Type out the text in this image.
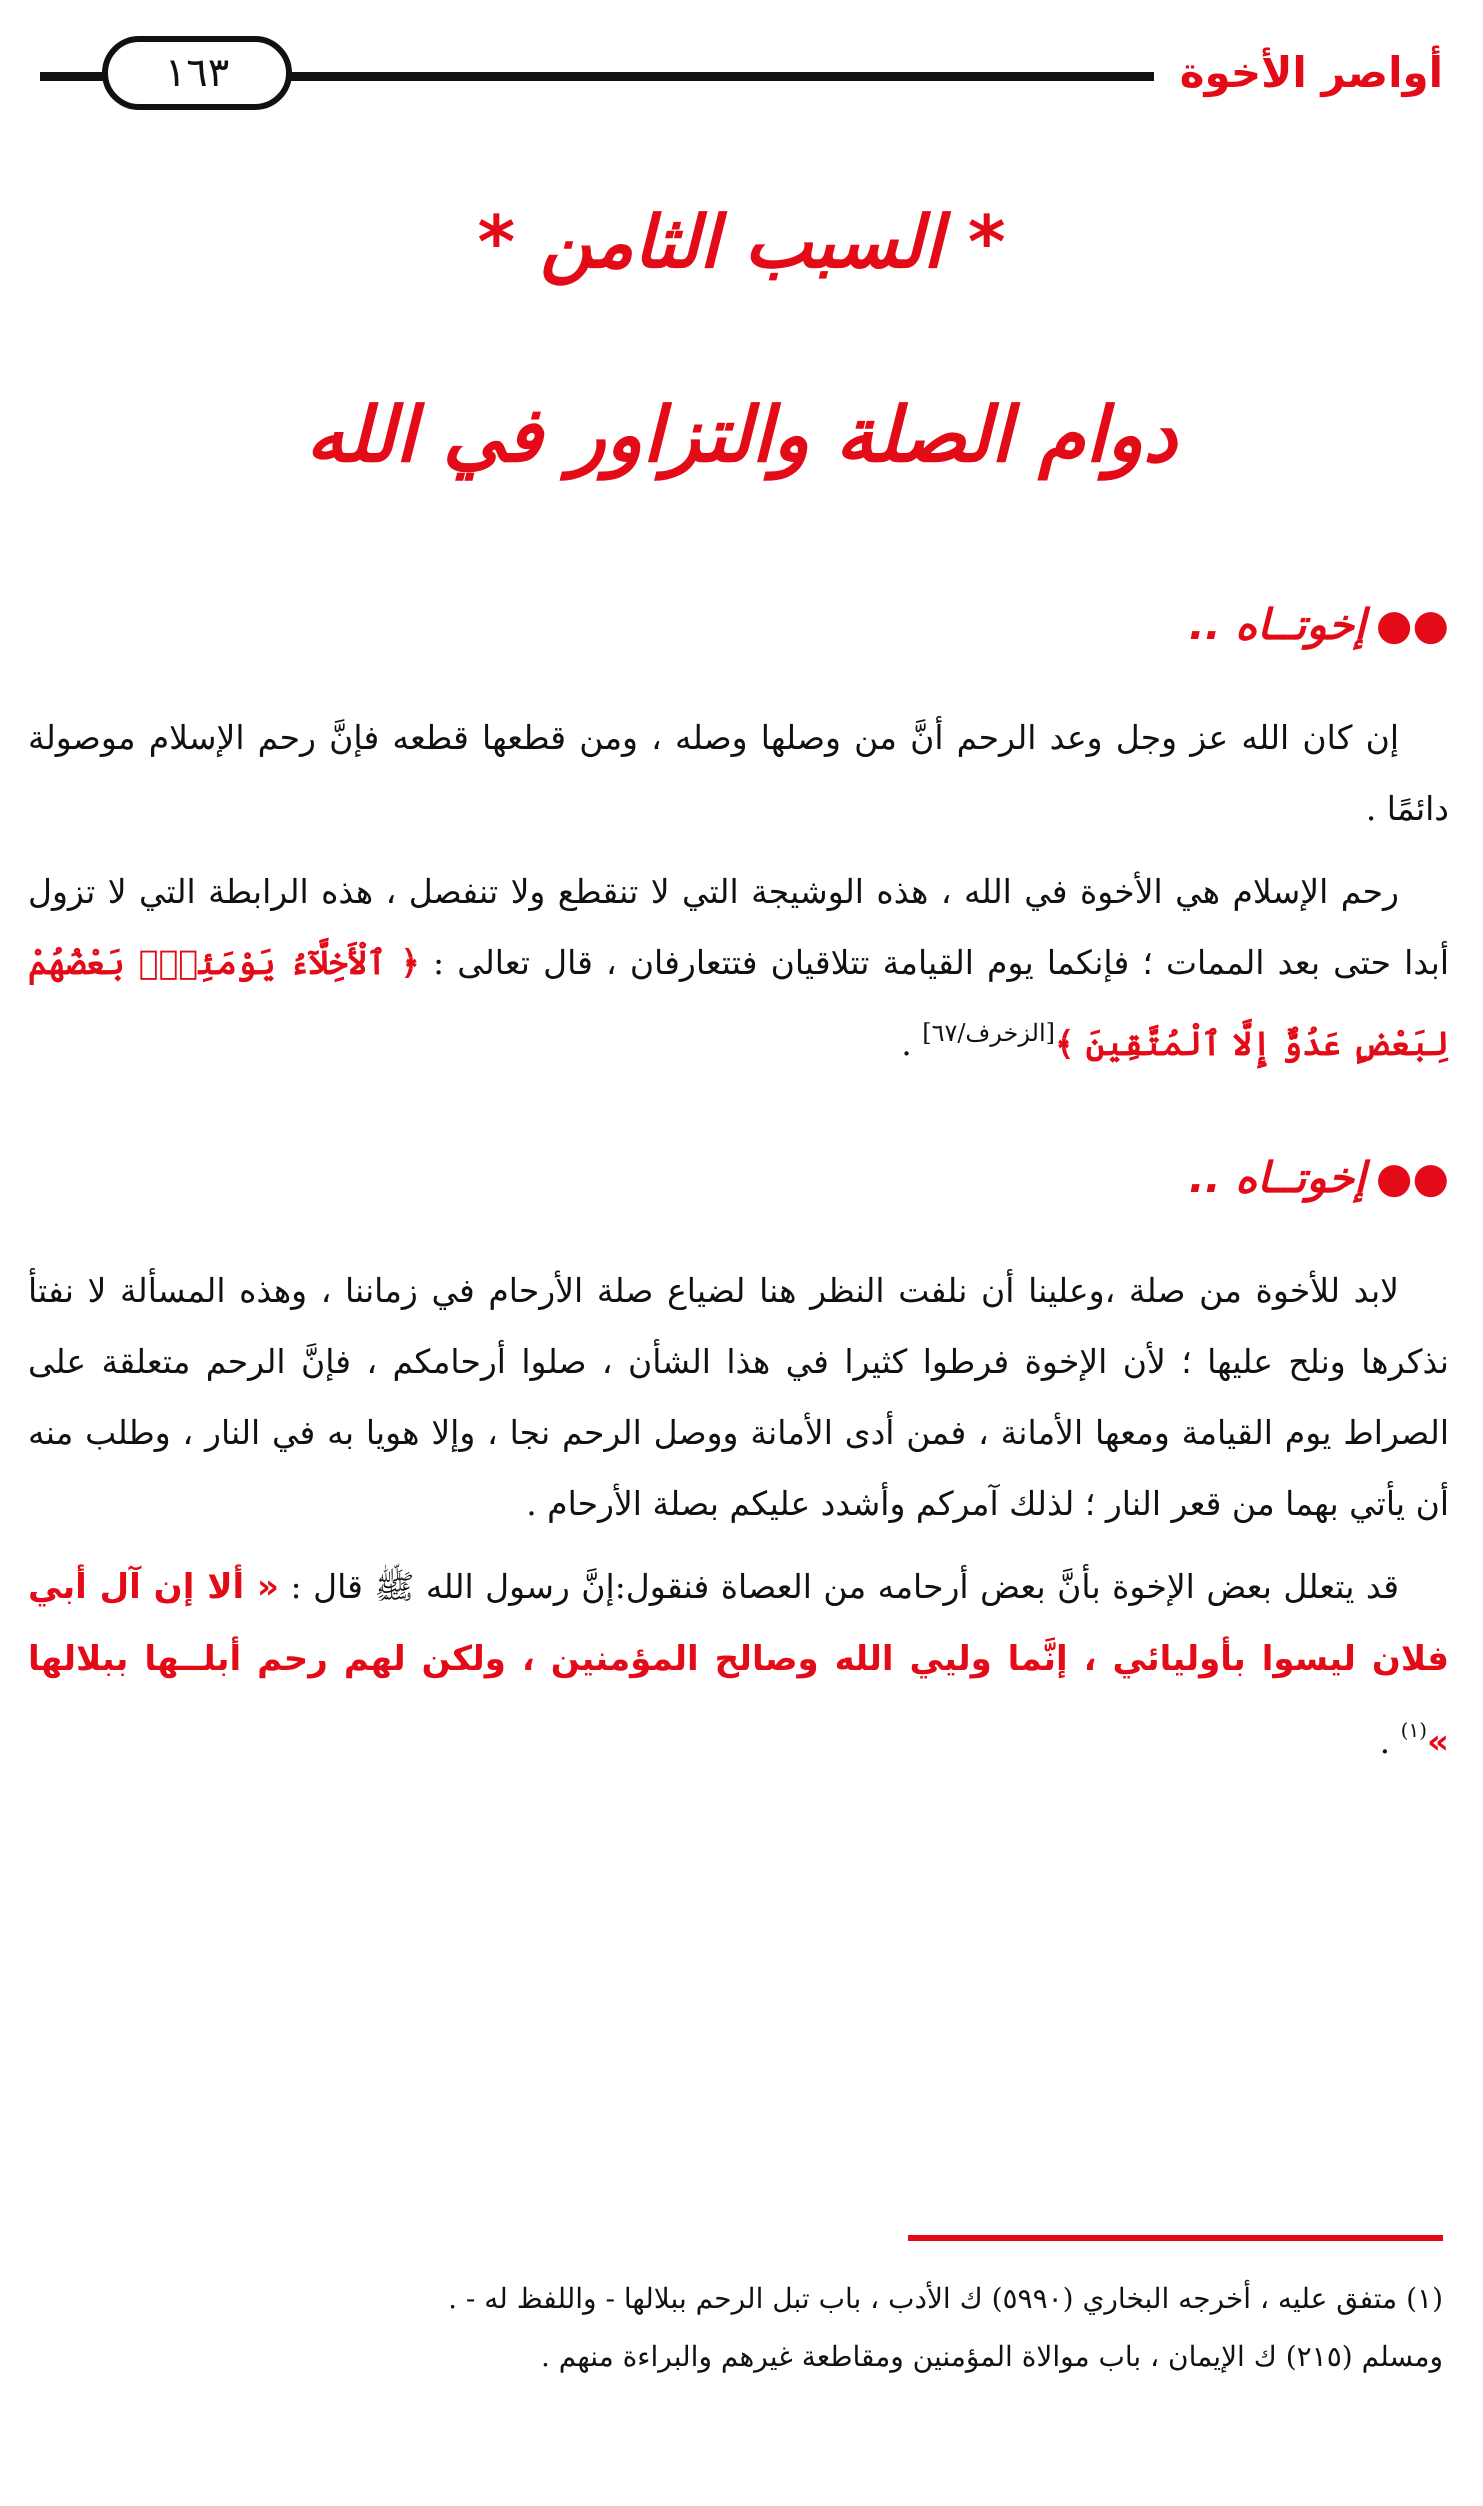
أواصر الأخوة
١٦٣
* السبب الثامن *
دوام الصلة والتزاور في الله
●●إخوتــاه ..

إن كان الله عز وجل وعد الرحم أنَّ من وصلها وصله ، ومن قطعها قطعه فإنَّ رحم الإسلام موصولة دائمًا .

رحم الإسلام هي الأخوة في الله ، هذه الوشيجة التي لا تنقطع ولا تنفصل ، هذه الرابطة التي لا تزول أبدا حتى بعد الممات ؛ فإنكما يوم القيامة تتلاقيان فتتعارفان ، قال تعالى : ﴿ ٱلْأَخِلَّآءُ يَوْمَئِذٍۭ بَعْضُهُمْ لِبَعْضٍ عَدُوٌّ إِلَّا ٱلْمُتَّقِينَ ﴾[الزخرف/٦٧] .

●●إخوتــاه ..

لابد للأخوة من صلة ،وعلينا أن نلفت النظر هنا لضياع صلة الأرحام في زماننا ، وهذه المسألة لا نفتأ نذكرها ونلح عليها ؛ لأن الإخوة فرطوا كثيرا في هذا الشأن ، صلوا أرحامكم ، فإنَّ الرحم متعلقة على الصراط يوم القيامة ومعها الأمانة ، فمن أدى الأمانة ووصل الرحم نجا ، وإلا هويا به في النار ، وطلب منه أن يأتي بهما من قعر النار ؛ لذلك آمركم وأشدد عليكم بصلة الأرحام .

قد يتعلل بعض الإخوة بأنَّ بعض أرحامه من العصاة فنقول:إنَّ رسول الله ﷺ قال : « ألا إن آل أبي فلان ليسوا بأوليائي ، إنَّما وليي الله وصالح المؤمنين ، ولكن لهم رحم أبلــها ببلالها »$^{(١)}$ .

(١) متفق عليه ، أخرجه البخاري (٥٩٩٠) ك الأدب ، باب تبل الرحم ببلالها - واللفظ له - .
ومسلم (٢١٥) ك الإيمان ، باب موالاة المؤمنين ومقاطعة غيرهم والبراءة منهم .
